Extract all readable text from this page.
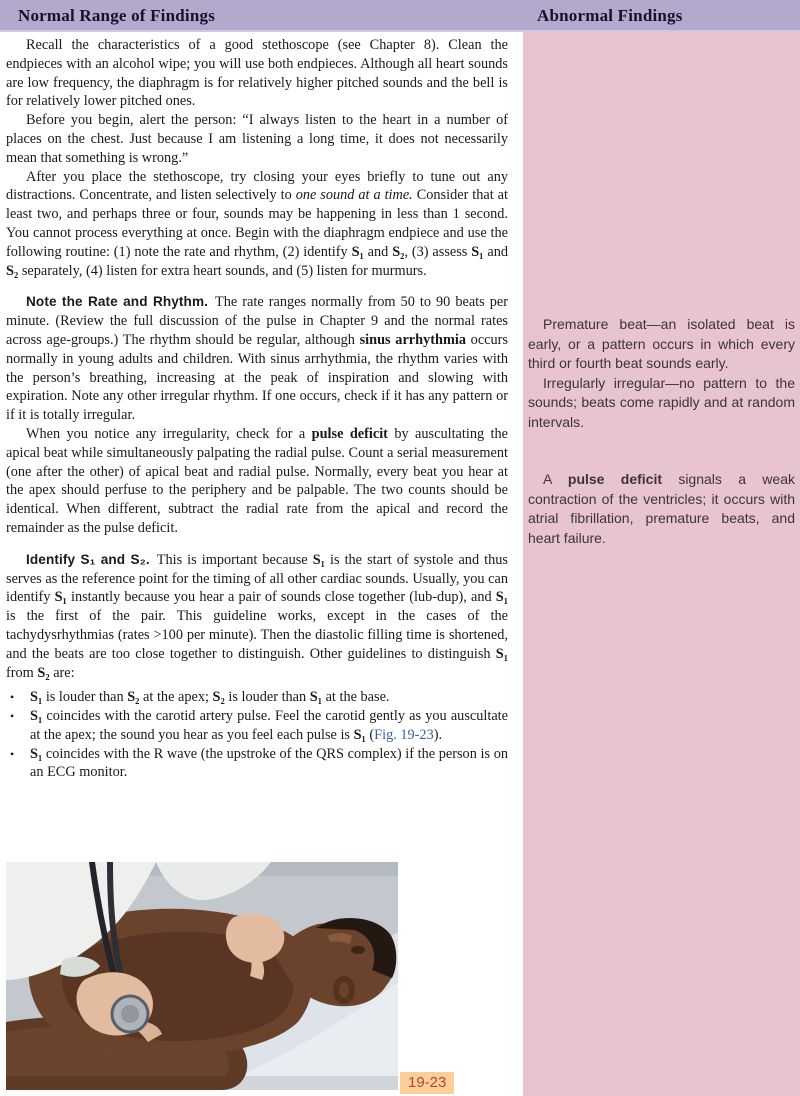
Normal Range of Findings	Abnormal Findings

Premature beat—an isolated beat is early, or a pattern occurs in which every third or fourth beat sounds early.

Irregularly irregular—no pattern to the sounds; beats come rapidly and at random intervals.

A pulse deficit signals a weak contraction of the ventricles; it occurs with atrial fibrillation, premature beats, and heart failure.

Recall the characteristics of a good stethoscope (see Chapter 8). Clean the endpieces with an alcohol wipe; you will use both endpieces. Although all heart sounds are low frequency, the diaphragm is for relatively higher pitched sounds and the bell is for relatively lower pitched ones.

Before you begin, alert the person: “I always listen to the heart in a number of places on the chest. Just because I am listening a long time, it does not necessarily mean that something is wrong.”

After you place the stethoscope, try closing your eyes briefly to tune out any distractions. Concentrate, and listen selectively to one sound at a time. Consider that at least two, and perhaps three or four, sounds may be happening in less than 1 second. You cannot process everything at once. Begin with the diaphragm endpiece and use the following routine: (1) note the rate and rhythm, (2) identify S₁ and S₂, (3) assess S₁ and S₂ separately, (4) listen for extra heart sounds, and (5) listen for murmurs.

Note the Rate and Rhythm. The rate ranges normally from 50 to 90 beats per minute. (Review the full discussion of the pulse in Chapter 9 and the normal rates across age-groups.) The rhythm should be regular, although sinus arrhythmia occurs normally in young adults and children. With sinus arrhythmia, the rhythm varies with the person’s breathing, increasing at the peak of inspiration and slowing with expiration. Note any other irregular rhythm. If one occurs, check if it has any pattern or if it is totally irregular.

When you notice any irregularity, check for a pulse deficit by auscultating the apical beat while simultaneously palpating the radial pulse. Count a serial measurement (one after the other) of apical beat and radial pulse. Normally, every beat you hear at the apex should perfuse to the periphery and be palpable. The two counts should be identical. When different, subtract the radial rate from the apical and record the remainder as the pulse deficit.

Identify S₁ and S₂. This is important because S₁ is the start of systole and thus serves as the reference point for the timing of all other cardiac sounds. Usually, you can identify S₁ instantly because you hear a pair of sounds close together (lub-dup), and S₁ is the first of the pair. This guideline works, except in the cases of the tachydysrhythmias (rates >100 per minute). Then the diastolic filling time is shortened, and the beats are too close together to distinguish. Other guidelines to distinguish S₁ from S₂ are:

• S₁ is louder than S₂ at the apex; S₂ is louder than S₁ at the base.
• S₁ coincides with the carotid artery pulse. Feel the carotid gently as you auscultate at the apex; the sound you hear as you feel each pulse is S₁ (Fig. 19-23).
• S₁ coincides with the R wave (the upstroke of the QRS complex) if the person is on an ECG monitor.
19-23
